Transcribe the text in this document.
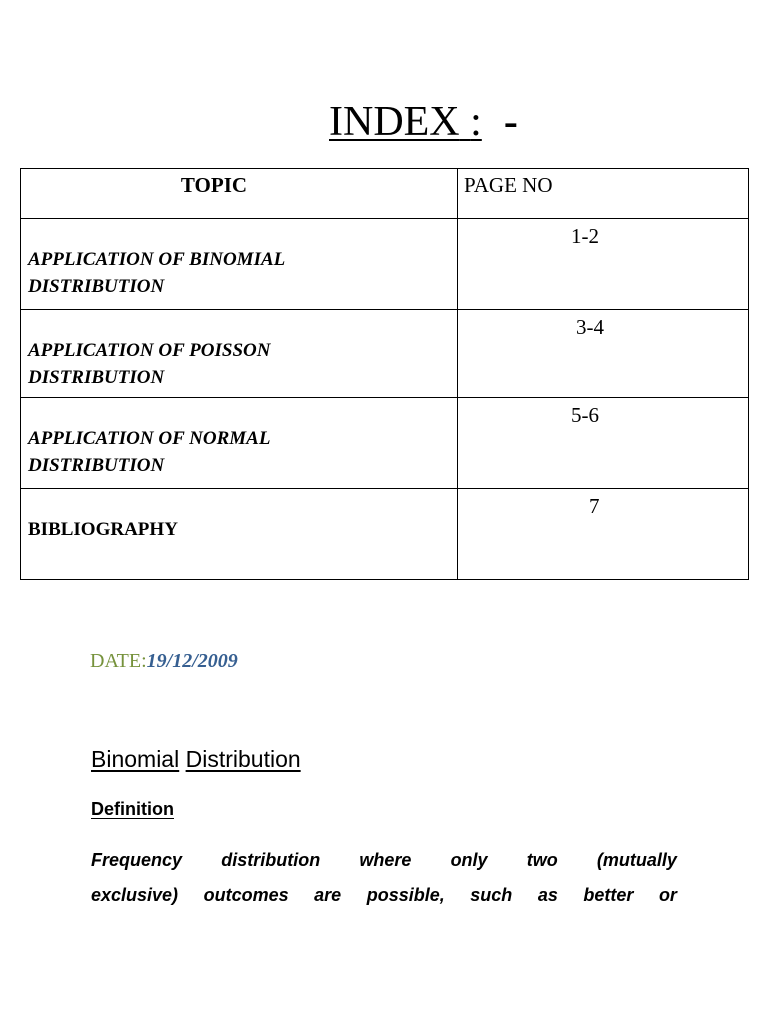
INDEX : -
TOPIC	PAGE NO

APPLICATION OF BINOMIAL
DISTRIBUTION	1-2

APPLICATION OF POISSON
DISTRIBUTION	3-4

APPLICATION OF NORMAL
DISTRIBUTION	5-6

BIBLIOGRAPHY	7
DATE:19/12/2009
Binomial Distribution
Definition
Frequency distribution where only two (mutually
exclusive) outcomes are possible, such as better or
